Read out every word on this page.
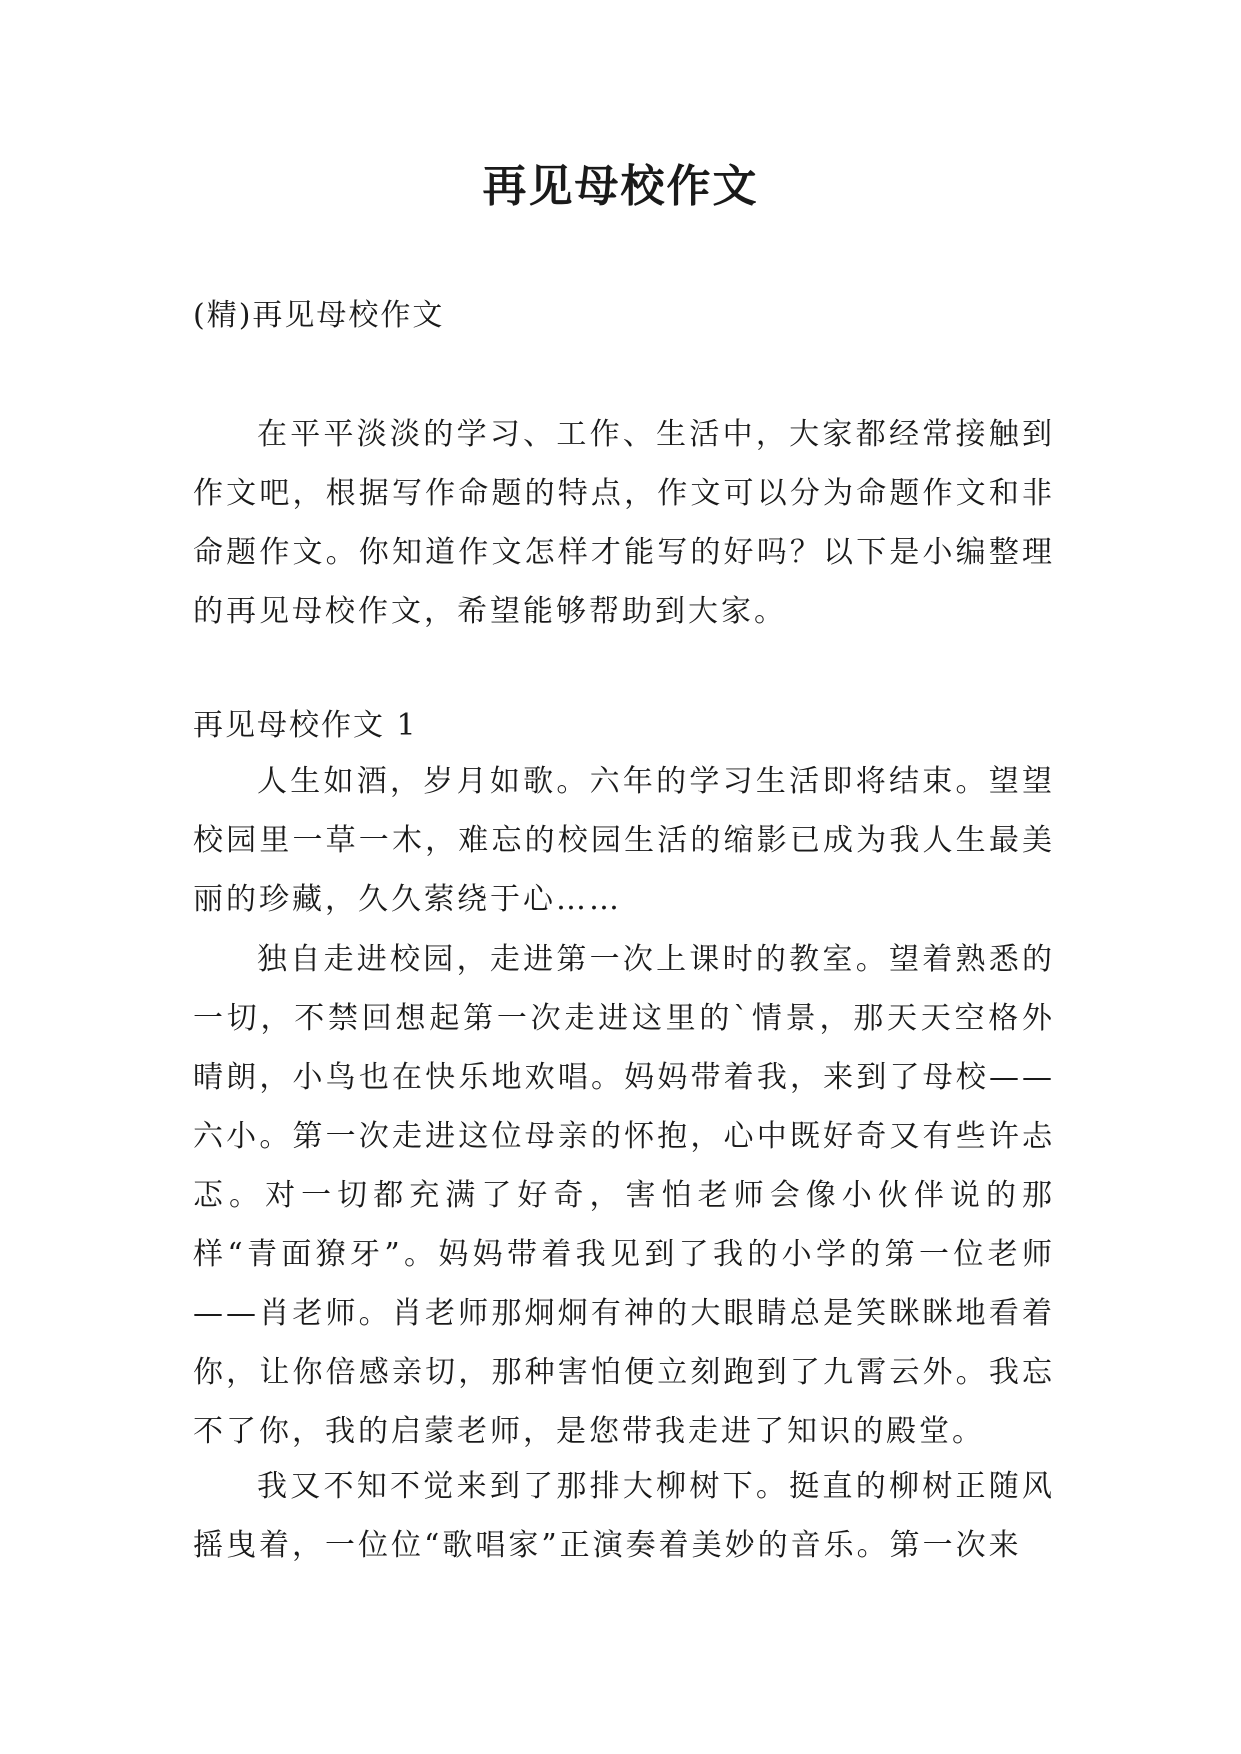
再见母校作文

(精)再见母校作文

在平平淡淡的学习、工作、生活中，大家都经常接触到作文吧，根据写作命题的特点，作文可以分为命题作文和非命题作文。你知道作文怎样才能写的好吗？以下是小编整理的再见母校作文，希望能够帮助到大家。

再见母校作文 1

人生如酒，岁月如歌。六年的学习生活即将结束。望望校园里一草一木，难忘的校园生活的缩影已成为我人生最美丽的珍藏，久久萦绕于心……

独自走进校园，走进第一次上课时的教室。望着熟悉的一切，不禁回想起第一次走进这里的`情景，那天天空格外晴朗，小鸟也在快乐地欢唱。妈妈带着我，来到了母校——六小。第一次走进这位母亲的怀抱，心中既好奇又有些许忐忑。对一切都充满了好奇，害怕老师会像小伙伴说的那样“青面獠牙”。妈妈带着我见到了我的小学的第一位老师——肖老师。肖老师那炯炯有神的大眼睛总是笑眯眯地看着你，让你倍感亲切，那种害怕便立刻跑到了九霄云外。我忘不了你，我的启蒙老师，是您带我走进了知识的殿堂。

我又不知不觉来到了那排大柳树下。挺直的柳树正随风摇曳着，一位位“歌唱家”正演奏着美妙的音乐。第一次来
